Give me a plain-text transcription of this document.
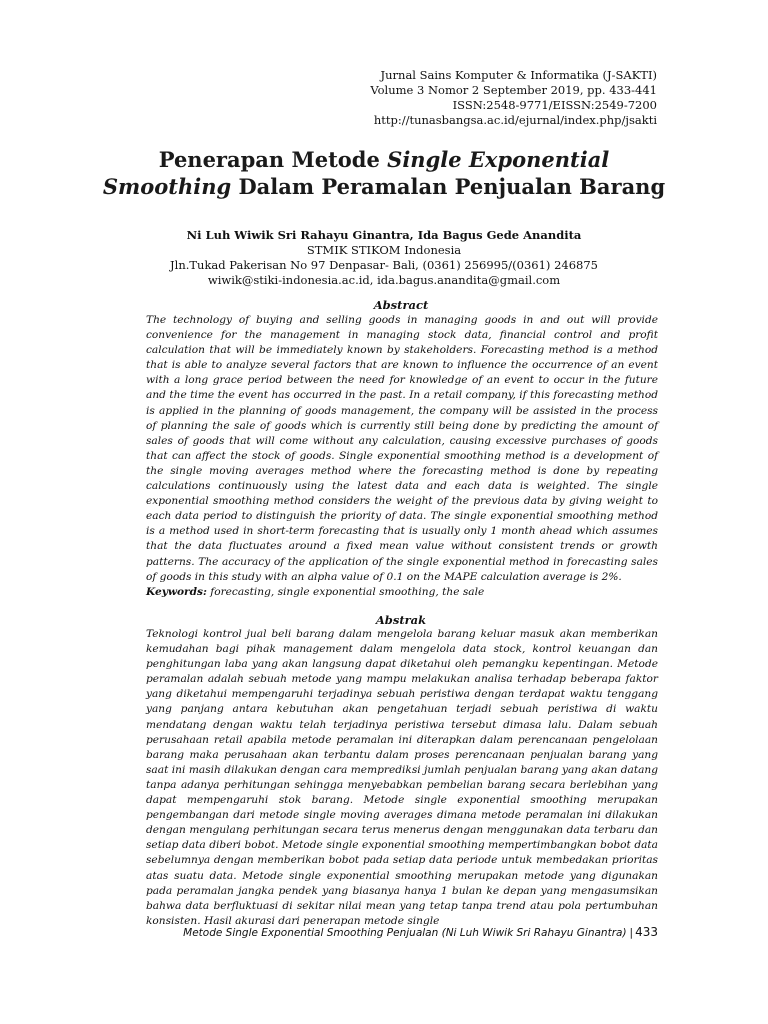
Jurnal Sains Komputer & Informatika (J-SAKTI)
Volume 3 Nomor 2 September 2019, pp. 433-441
ISSN:2548-9771/EISSN:2549-7200
http://tunasbangsa.ac.id/ejurnal/index.php/jsakti
Penerapan Metode Single Exponential
Smoothing Dalam Peramalan Penjualan Barang
Ni Luh Wiwik Sri Rahayu Ginantra, Ida Bagus Gede Anandita
STMIK STIKOM Indonesia
Jln.Tukad Pakerisan No 97 Denpasar- Bali, (0361) 256995/(0361) 246875
wiwik@stiki-indonesia.ac.id, ida.bagus.anandita@gmail.com
Abstract
The technology of buying and selling goods in managing goods in and out will provide convenience for the management in managing stock data, financial control and profit calculation that will be immediately known by stakeholders. Forecasting method is a method that is able to analyze several factors that are known to influence the occurrence of an event with a long grace period between the need for knowledge of an event to occur in the future and the time the event has occurred in the past. In a retail company, if this forecasting method is applied in the planning of goods management, the company will be assisted in the process of planning the sale of goods which is currently still being done by predicting the amount of sales of goods that will come without any calculation, causing excessive purchases of goods that can affect the stock of goods. Single exponential smoothing method is a development of the single moving averages method where the forecasting method is done by repeating calculations continuously using the latest data and each data is weighted. The single exponential smoothing method considers the weight of the previous data by giving weight to each data period to distinguish the priority of data. The single exponential smoothing method is a method used in short-term forecasting that is usually only 1 month ahead which assumes that the data fluctuates around a fixed mean value without consistent trends or growth patterns. The accuracy of the application of the single exponential method in forecasting sales of goods in this study with an alpha value of 0.1 on the MAPE calculation average is 2%.
Keywords: forecasting, single exponential smoothing, the sale
Abstrak
Teknologi kontrol jual beli barang dalam mengelola barang keluar masuk akan memberikan kemudahan bagi pihak management dalam mengelola data stock, kontrol keuangan dan penghitungan laba yang akan langsung dapat diketahui oleh pemangku kepentingan. Metode peramalan adalah sebuah metode yang mampu melakukan analisa terhadap beberapa faktor yang diketahui mempengaruhi terjadinya sebuah peristiwa dengan terdapat waktu tenggang yang panjang antara kebutuhan akan pengetahuan terjadi sebuah peristiwa di waktu mendatang dengan waktu telah terjadinya peristiwa tersebut dimasa lalu. Dalam sebuah perusahaan retail apabila metode peramalan ini diterapkan dalam perencanaan pengelolaan barang maka perusahaan akan terbantu dalam proses perencanaan penjualan barang yang saat ini masih dilakukan dengan cara memprediksi jumlah penjualan barang yang akan datang tanpa adanya perhitungan sehingga menyebabkan pembelian barang secara berlebihan yang dapat mempengaruhi stok barang. Metode single exponential smoothing merupakan pengembangan dari metode single moving averages dimana metode peramalan ini dilakukan dengan mengulang perhitungan secara terus menerus dengan menggunakan data terbaru dan setiap data diberi bobot. Metode single exponential smoothing mempertimbangkan bobot data sebelumnya dengan memberikan bobot pada setiap data periode untuk membedakan prioritas atas suatu data. Metode single exponential smoothing merupakan metode yang digunakan pada peramalan jangka pendek yang biasanya hanya 1 bulan ke depan yang mengasumsikan bahwa data berfluktuasi di sekitar nilai mean yang tetap tanpa trend atau pola pertumbuhan konsisten. Hasil akurasi dari penerapan metode single
Metode Single Exponential Smoothing Penjualan (Ni Luh Wiwik Sri Rahayu Ginantra) | 433
